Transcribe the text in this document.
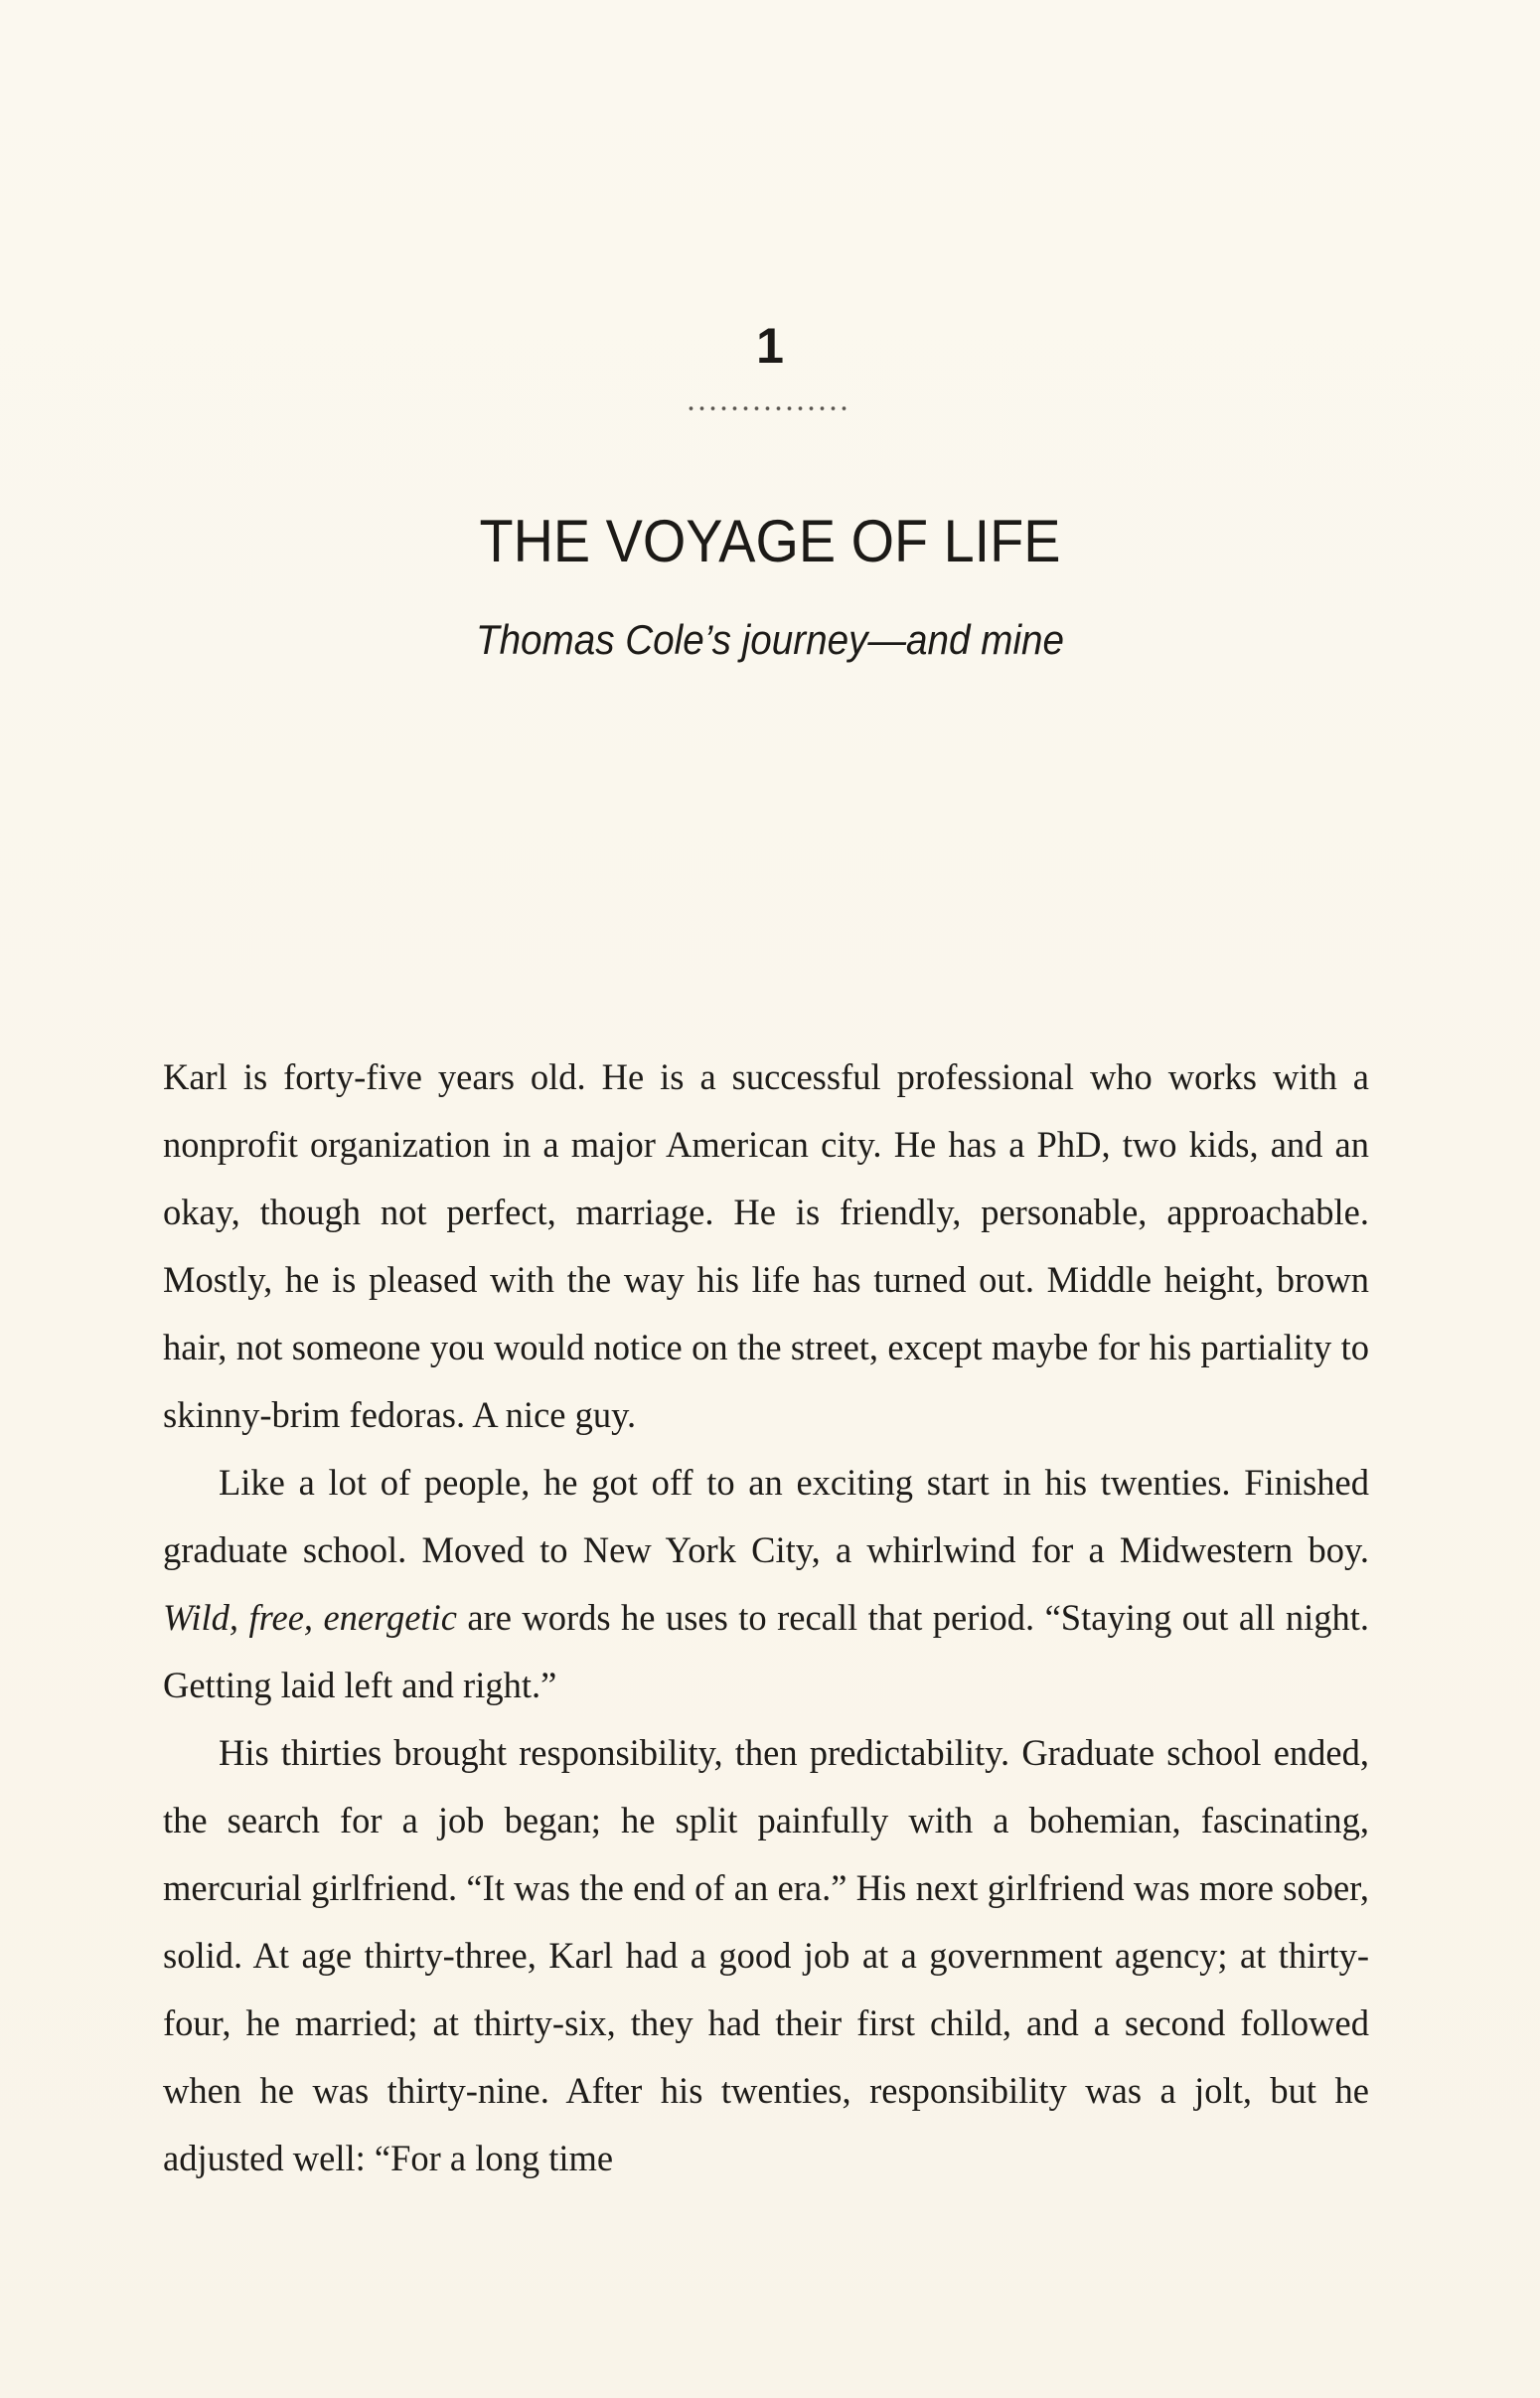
1
THE VOYAGE OF LIFE
Thomas Cole’s journey—and mine

Karl is forty-five years old. He is a successful professional who works with a nonprofit organization in a major American city. He has a PhD, two kids, and an okay, though not perfect, marriage. He is friendly, personable, approachable. Mostly, he is pleased with the way his life has turned out. Middle height, brown hair, not someone you would notice on the street, except maybe for his partiality to skinny-brim fedoras. A nice guy.

Like a lot of people, he got off to an exciting start in his twenties. Finished graduate school. Moved to New York City, a whirlwind for a Midwestern boy. Wild, free, energetic are words he uses to recall that period. “Staying out all night. Getting laid left and right.”

His thirties brought responsibility, then predictability. Graduate school ended, the search for a job began; he split painfully with a bohemian, fascinating, mercurial girlfriend. “It was the end of an era.” His next girlfriend was more sober, solid. At age thirty-three, Karl had a good job at a government agency; at thirty-four, he married; at thirty-six, they had their first child, and a second followed when he was thirty-nine. After his twenties, responsibility was a jolt, but he adjusted well: “For a long time
